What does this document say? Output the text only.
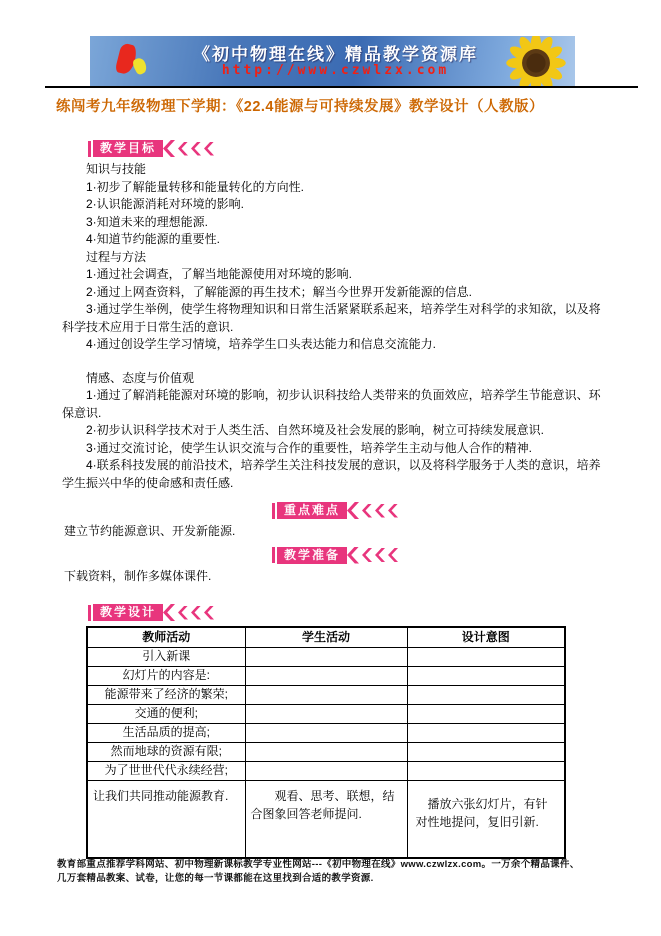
《初中物理在线》精品教学资源库
http://www.czwlzx.com
练闯考九年级物理下学期：《22.4能源与可持续发展》教学设计（人教版）
教学目标

知识与技能

1·初步了解能量转移和能量转化的方向性.

2·认识能源消耗对环境的影响.

3·知道未来的理想能源.

4·知道节约能源的重要性.

过程与方法

1·通过社会调查，了解当地能源使用对环境的影响.

2·通过上网查资料，了解能源的再生技术；解当今世界开发新能源的信息.

3·通过学生举例，使学生将物理知识和日常生活紧紧联系起来，培养学生对科学的求知欲，以及将科学技术应用于日常生活的意识.

4·通过创设学生学习情境，培养学生口头表达能力和信息交流能力.

情感、态度与价值观

1·通过了解消耗能源对环境的影响，初步认识科技给人类带来的负面效应，培养学生节能意识、环保意识.

2·初步认识科学技术对于人类生活、自然环境及社会发展的影响，树立可持续发展意识.

3·通过交流讨论，使学生认识交流与合作的重要性，培养学生主动与他人合作的精神.

4·联系科技发展的前沿技术，培养学生关注科技发展的意识，以及将科学服务于人类的意识，培养学生振兴中华的使命感和责任感.

重点难点

建立节约能源意识、开发新能源.

教学准备

下载资料，制作多媒体课件.

教学设计
教师活动	学生活动	设计意图
引入新课		
幻灯片的内容是:		
能源带来了经济的繁荣;		
交通的便利;		
生活品质的提高;		
然而地球的资源有限;		
为了世世代代永续经营;		
让我们共同推动能源教育.	观看、思考、联想，结合图象回答老师提问.	播放六张幻灯片，有针对性地提问，复旧引新.

教育部重点推荐学科网站、初中物理新课标教学专业性网站---《初中物理在线》www.czwlzx.com。一万余个精品课件、

几万套精品教案、试卷，让您的每一节课都能在这里找到合适的教学资源.
